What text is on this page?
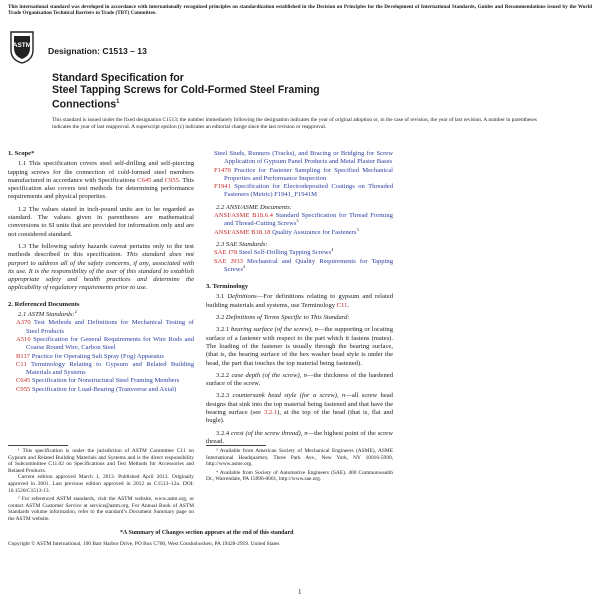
This international standard was developed in accordance with internationally recognized principles on standardization established in the Decision on Principles for the Development of International Standards, Guides and Recommendations issued by the World Trade Organization Technical Barriers to Trade (TBT) Committee.
ASTM
Designation: C1513 – 13
Standard Specification for
Steel Tapping Screws for Cold-Formed Steel Framing
Connections$^1$
This standard is issued under the fixed designation C1513; the number immediately following the designation indicates the year of original adoption or, in the case of revision, the year of last revision. A number in parentheses indicates the year of last reapproval. A superscript epsilon (ε) indicates an editorial change since the last revision or reapproval.

1. Scope*

1.1 This specification covers steel self-drilling and self-piercing tapping screws for the connection of cold-formed steel members manufactured in accordance with Specifications C645 and C955. This specification also covers test methods for determining performance requirements and physical properties.

1.2 The values stated in inch-pound units are to be regarded as standard. The values given in parentheses are mathematical conversions to SI units that are provided for information only and are not considered standard.

1.3 The following safety hazards caveat pertains only to the test methods described in this specification. This standard does not purport to address all of the safety concerns, if any, associated with its use. It is the responsibility of the user of this standard to establish appropriate safety and health practices and determine the applicability of regulatory requirements prior to use.

2. Referenced Documents

2.1 ASTM Standards:$^2$

A370 Test Methods and Definitions for Mechanical Testing of Steel Products

A510 Specification for General Requirements for Wire Rods and Coarse Round Wire, Carbon Steel

B117 Practice for Operating Salt Spray (Fog) Apparatus

C11 Terminology Relating to Gypsum and Related Building Materials and Systems

C645 Specification for Nonstructural Steel Framing Members

C955 Specification for Load-Bearing (Transverse and Axial)

Steel Studs, Runners (Tracks), and Bracing or Bridging for Screw Application of Gypsum Panel Products and Metal Plaster Bases

F1470 Practice for Fastener Sampling for Specified Mechanical Properties and Performance Inspection

F1941 Specification for Electrodeposited Coatings on Threaded Fasteners (Metric) F1941_F1941M

2.2 ANSI/ASME Documents:

ANSI/ASME B18.6.4 Standard Specification for Thread Forming and Thread-Cutting Screws$^3$

ANSI/ASME B18.18 Quality Assurance for Fasteners$^3$

2.3 SAE Standards:

SAE J78 Steel Self-Drilling Tapping Screws$^4$

SAE J933 Mechanical and Quality Requirements for Tapping Screws$^4$

3. Terminology

3.1 Definitions—For definitions relating to gypsum and related building materials and systems, use Terminology C11.

3.2 Definitions of Terms Specific to This Standard:

3.2.1 bearing surface (of the screw), n—the supporting or locating surface of a fastener with respect to the part which it fastens (mates). The loading of the fastener is usually through the bearing surface, (that is, the bearing surface of the hex washer head style is under the head, the part that touches the top material being fastened).

3.2.2 case depth (of the screw), n—the thickness of the hardened surface of the screw.

3.2.3 countersunk head style (for a screw), n—all screw head designs that sink into the top material being fastened and that have the bearing surface (see 3.2.1), at the top of the head (that is, flat and bugle).

3.2.4 crest (of the screw thread), n—the highest point of the screw thread.

¹ This specification is under the jurisdiction of ASTM Committee C11 on Gypsum and Related Building Materials and Systems and is the direct responsibility of Subcommittee C11.02 on Specifications and Test Methods for Accessories and Related Products.

Current edition approved March 1, 2013. Published April 2013. Originally approved in 2001. Last previous edition approved in 2012 as C1513–12a. DOI: 10.1520/C1513-13.

² For referenced ASTM standards, visit the ASTM website, www.astm.org, or contact ASTM Customer Service at service@astm.org. For Annual Book of ASTM Standards volume information, refer to the standard’s Document Summary page on the ASTM website.

³ Available from American Society of Mechanical Engineers (ASME), ASME International Headquarters, Three Park Ave., New York, NY 10016-5990, http://www.asme.org.

⁴ Available from Society of Automotive Engineers (SAE), 400 Commonwealth Dr., Warrendale, PA 15096-0001, http://www.sae.org.

*A Summary of Changes section appears at the end of this standard
Copyright © ASTM International, 100 Barr Harbor Drive, PO Box C700, West Conshohocken, PA 19428-2959. United States
1
